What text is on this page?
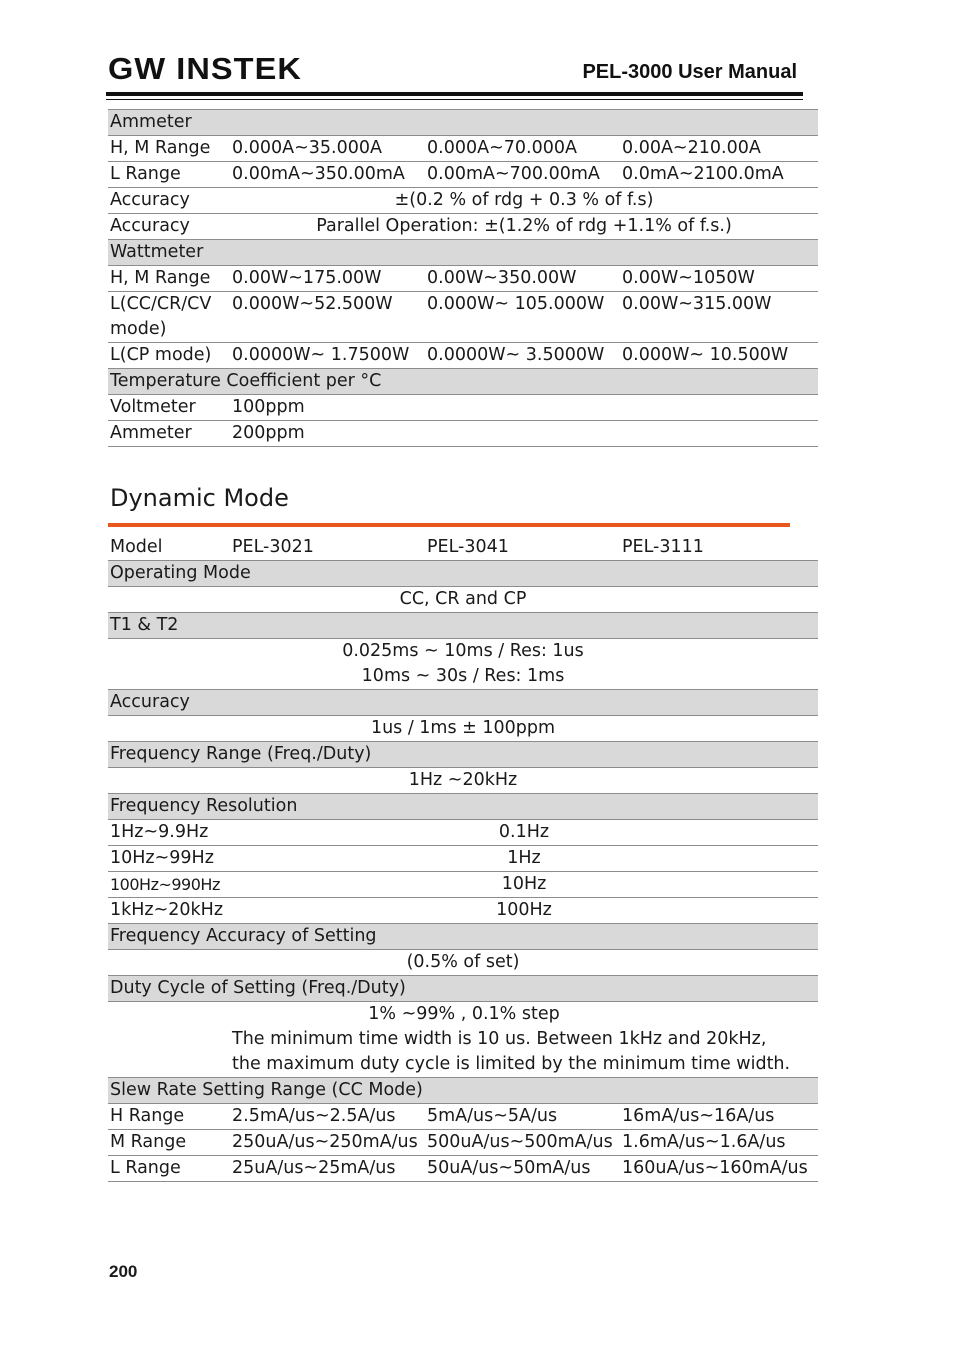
GW INSTEK	PEL-3000 User Manual
Ammeter			
H, M Range	0.000A~35.000A	0.000A~70.000A	0.00A~210.00A
L Range	0.00mA~350.00mA	0.00mA~700.00mA	0.0mA~2100.0mA
Accuracy	±(0.2 % of rdg + 0.3 % of f.s)		
Accuracy	Parallel Operation: ±(1.2% of rdg +1.1% of f.s.)		
Wattmeter			
H, M Range	0.00W~175.00W	0.00W~350.00W	0.00W~1050W
L(CC/CR/CV mode)	0.000W~52.500W	0.000W~ 105.000W	0.00W~315.00W
L(CP mode)	0.0000W~ 1.7500W	0.0000W~ 3.5000W	0.000W~ 10.500W
Temperature Coefficient per °C			
Voltmeter	100ppm		
Ammeter	200ppm		
Dynamic Mode
Model	PEL-3021	PEL-3041	PEL-3111
Operating Mode			
CC, CR and CP			
T1 & T2			

0.025ms ~ 10ms / Res: 1us
10ms ~ 30s / Res: 1ms			

Accuracy			
1us / 1ms ± 100ppm			
Frequency Range (Freq./Duty)			
1Hz ~20kHz			
Frequency Resolution			
1Hz~9.9Hz	0.1Hz		
10Hz~99Hz	1Hz		
100Hz~990Hz	10Hz		
1kHz~20kHz	100Hz		
Frequency Accuracy of Setting			
(0.5% of set)			
Duty Cycle of Setting (Freq./Duty)			

	1% ~99% , 0.1% step
The minimum time width is 10 us. Between 1kHz and 20kHz, the maximum duty cycle is limited by the minimum time width.		

Slew Rate Setting Range (CC Mode)			
H Range	2.5mA/us~2.5A/us	5mA/us~5A/us	16mA/us~16A/us
M Range	250uA/us~250mA/us	500uA/us~500mA/us	1.6mA/us~1.6A/us
L Range	25uA/us~25mA/us	50uA/us~50mA/us	160uA/us~160mA/us
200
